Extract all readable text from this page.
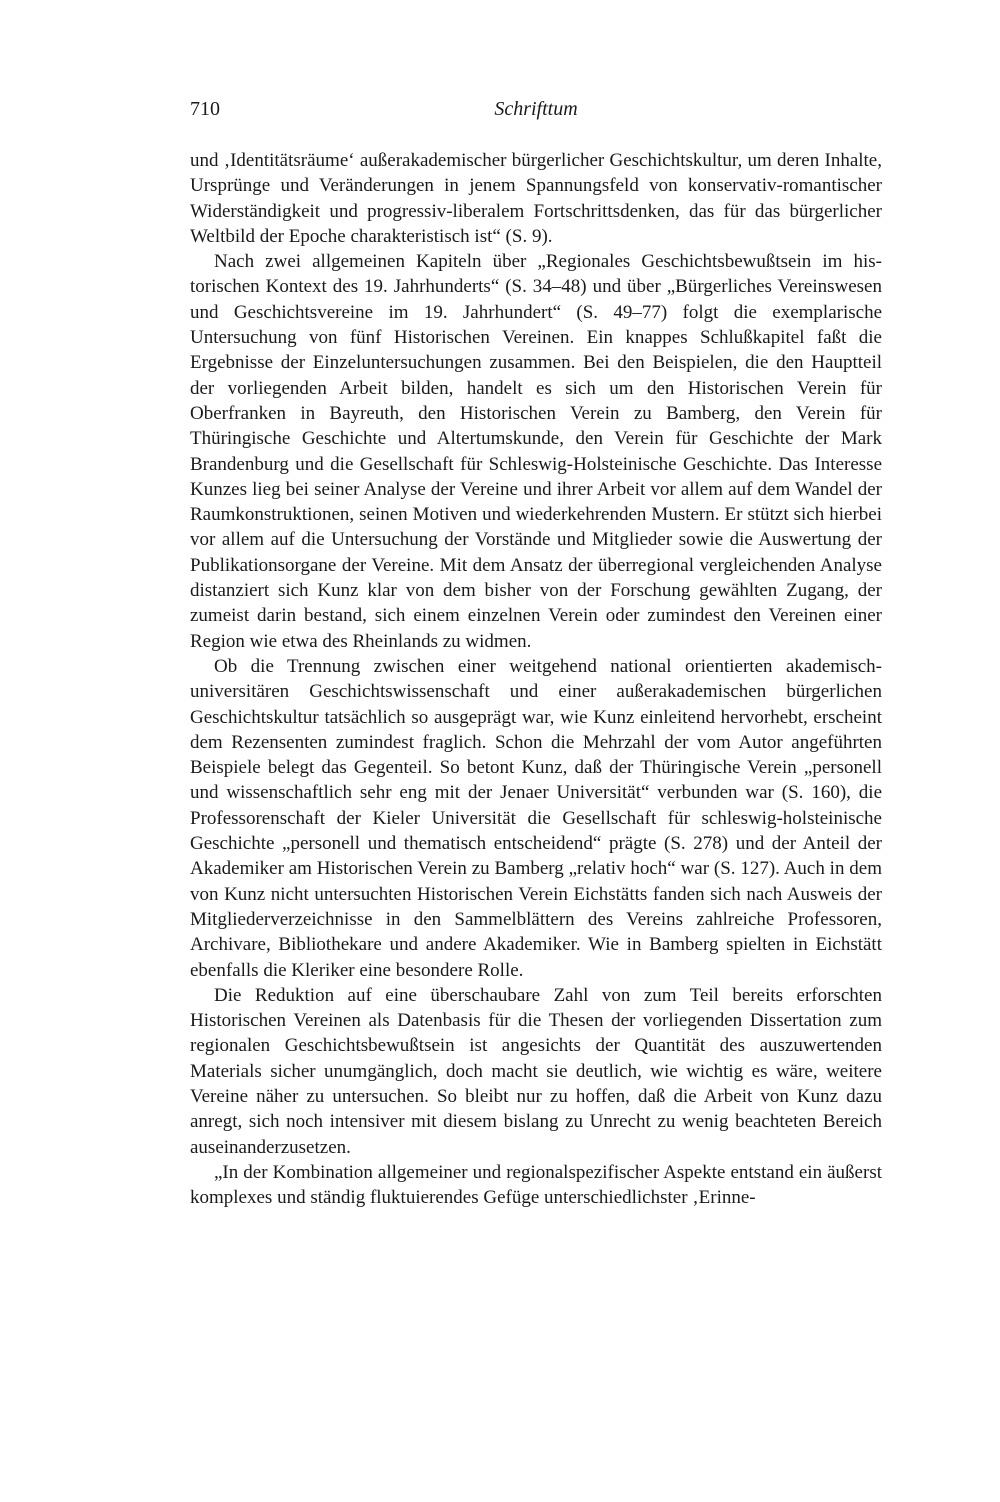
710	Schrifttum

und ‚Identitätsräume‘ außerakademischer bürgerlicher Geschichtskultur, um deren Inhalte, Ursprünge und Veränderungen in jenem Spannungsfeld von konservativ-romantischer Widerständigkeit und progressiv-liberalem Fortschrittsdenken, das für das bürgerlicher Weltbild der Epoche charakteristisch ist“ (S. 9).

Nach zwei allgemeinen Kapiteln über „Regionales Geschichtsbewußtsein im historischen Kontext des 19. Jahrhunderts“ (S. 34–48) und über „Bürgerliches Vereinswesen und Geschichtsvereine im 19. Jahrhundert“ (S. 49–77) folgt die exemplarische Untersuchung von fünf Historischen Vereinen. Ein knappes Schlußkapitel faßt die Ergebnisse der Einzeluntersuchungen zusammen. Bei den Beispielen, die den Hauptteil der vorliegenden Arbeit bilden, handelt es sich um den Historischen Verein für Oberfranken in Bayreuth, den Historischen Verein zu Bamberg, den Verein für Thüringische Geschichte und Altertumskunde, den Verein für Geschichte der Mark Brandenburg und die Gesellschaft für Schleswig-Holsteinische Geschichte. Das Interesse Kunzes lieg bei seiner Analyse der Vereine und ihrer Arbeit vor allem auf dem Wandel der Raumkonstruktionen, seinen Motiven und wiederkehrenden Mustern. Er stützt sich hierbei vor allem auf die Untersuchung der Vorstände und Mitglieder sowie die Auswertung der Publikationsorgane der Vereine. Mit dem Ansatz der überregional vergleichenden Analyse distanziert sich Kunz klar von dem bisher von der Forschung gewählten Zugang, der zumeist darin bestand, sich einem einzelnen Verein oder zumindest den Vereinen einer Region wie etwa des Rheinlands zu widmen.

Ob die Trennung zwischen einer weitgehend national orientierten akademisch-universitären Geschichtswissenschaft und einer außerakademischen bürgerlichen Geschichtskultur tatsächlich so ausgeprägt war, wie Kunz einleitend hervorhebt, erscheint dem Rezensenten zumindest fraglich. Schon die Mehrzahl der vom Autor angeführten Beispiele belegt das Gegenteil. So betont Kunz, daß der Thüringische Verein „personell und wissenschaftlich sehr eng mit der Jenaer Universität“ verbunden war (S. 160), die Professorenschaft der Kieler Universität die Gesellschaft für schleswig-holsteinische Geschichte „personell und thematisch entscheidend“ prägte (S. 278) und der Anteil der Akademiker am Historischen Verein zu Bamberg „relativ hoch“ war (S. 127). Auch in dem von Kunz nicht untersuchten Historischen Verein Eichstätts fanden sich nach Ausweis der Mitgliederverzeichnisse in den Sammelblättern des Vereins zahlreiche Professoren, Archivare, Bibliothekare und andere Akademiker. Wie in Bamberg spielten in Eichstätt ebenfalls die Kleriker eine besondere Rolle.

Die Reduktion auf eine überschaubare Zahl von zum Teil bereits erforschten Historischen Vereinen als Datenbasis für die Thesen der vorliegenden Dissertation zum regionalen Geschichtsbewußtsein ist angesichts der Quantität des auszuwertenden Materials sicher unumgänglich, doch macht sie deutlich, wie wichtig es wäre, weitere Vereine näher zu untersuchen. So bleibt nur zu hoffen, daß die Arbeit von Kunz dazu anregt, sich noch intensiver mit diesem bislang zu Unrecht zu wenig beachteten Bereich auseinanderzusetzen.

„In der Kombination allgemeiner und regionalspezifischer Aspekte entstand ein äußerst komplexes und ständig fluktuierendes Gefüge unterschiedlichster ‚Erinne-
